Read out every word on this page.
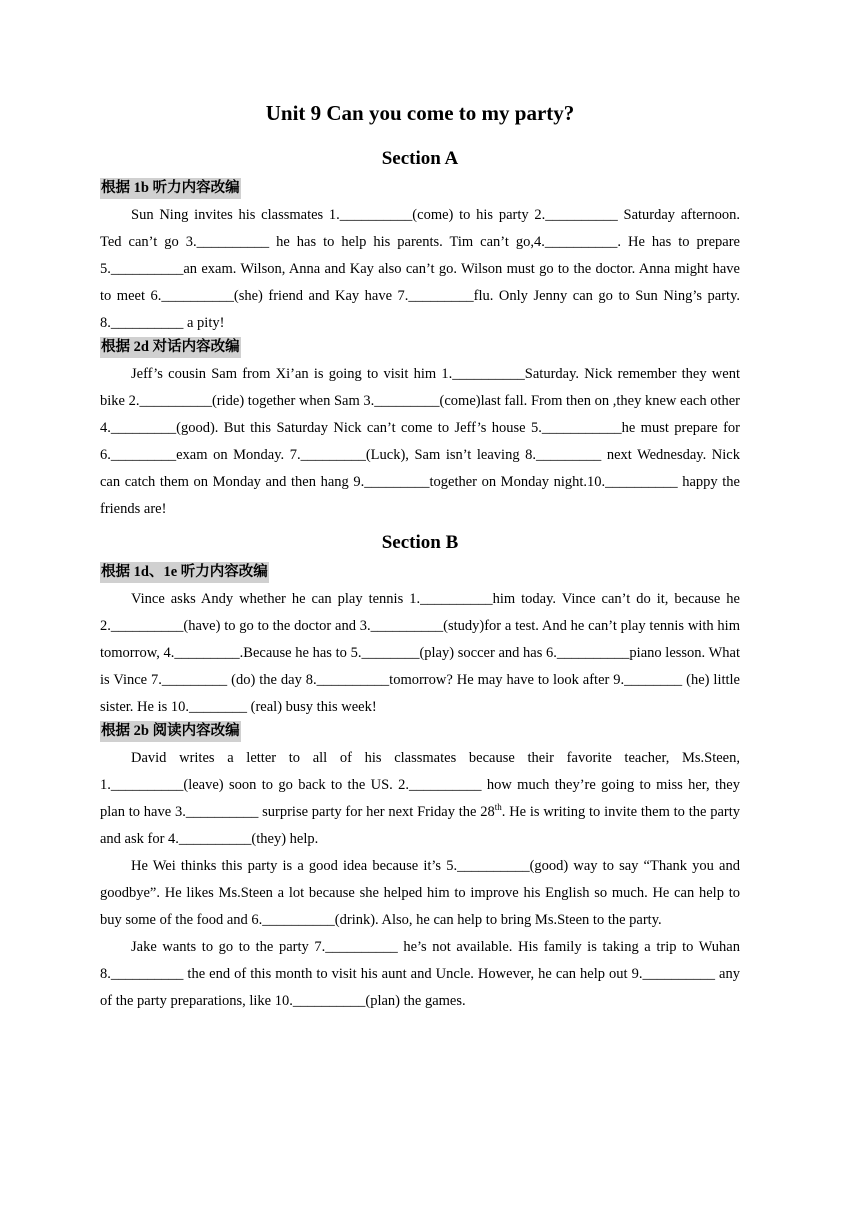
Unit 9 Can you come to my party?
Section A
根据 1b 听力内容改编

Sun Ning invites his classmates 1.__________(come) to his party 2.__________ Saturday afternoon. Ted can’t go 3.__________ he has to help his parents. Tim can’t go,4.__________. He has to prepare 5.__________an exam. Wilson, Anna and Kay also can’t go. Wilson must go to the doctor. Anna might have to meet 6.__________(she) friend and Kay have 7._________flu. Only Jenny can go to Sun Ning’s party. 8.__________ a pity!

根据 2d 对话内容改编

Jeff’s cousin Sam from Xi’an is going to visit him 1.__________Saturday. Nick remember they went bike 2.__________(ride) together when Sam 3._________(come)last fall. From then on ,they knew each other 4._________(good). But this Saturday Nick can’t come to Jeff’s house 5.___________he must prepare for 6._________exam on Monday. 7._________(Luck), Sam isn’t leaving 8._________ next Wednesday. Nick can catch them on Monday and then hang 9._________together on Monday night.10.__________ happy the friends are!

Section B
根据 1d、1e 听力内容改编

Vince asks Andy whether he can play tennis 1.__________him today. Vince can’t do it, because he 2.__________(have) to go to the doctor and 3.__________(study)for a test. And he can’t play tennis with him tomorrow, 4._________.Because he has to 5.________(play) soccer and has 6.__________piano lesson. What is Vince 7._________ (do) the day 8.__________tomorrow? He may have to look after 9.________ (he) little sister. He is 10.________ (real) busy this week!

根据 2b 阅读内容改编

David writes a letter to all of his classmates because their favorite teacher, Ms.Steen, 1.__________(leave) soon to go back to the US. 2.__________ how much they’re going to miss her, they plan to have 3.__________ surprise party for her next Friday the 28th. He is writing to invite them to the party and ask for 4.__________(they) help.

He Wei thinks this party is a good idea because it’s 5.__________(good) way to say “Thank you and goodbye”. He likes Ms.Steen a lot because she helped him to improve his English so much. He can help to buy some of the food and 6.__________(drink). Also, he can help to bring Ms.Steen to the party.

Jake wants to go to the party 7.__________ he’s not available. His family is taking a trip to Wuhan 8.__________ the end of this month to visit his aunt and Uncle. However, he can help out 9.__________ any of the party preparations, like 10.__________(plan) the games.
